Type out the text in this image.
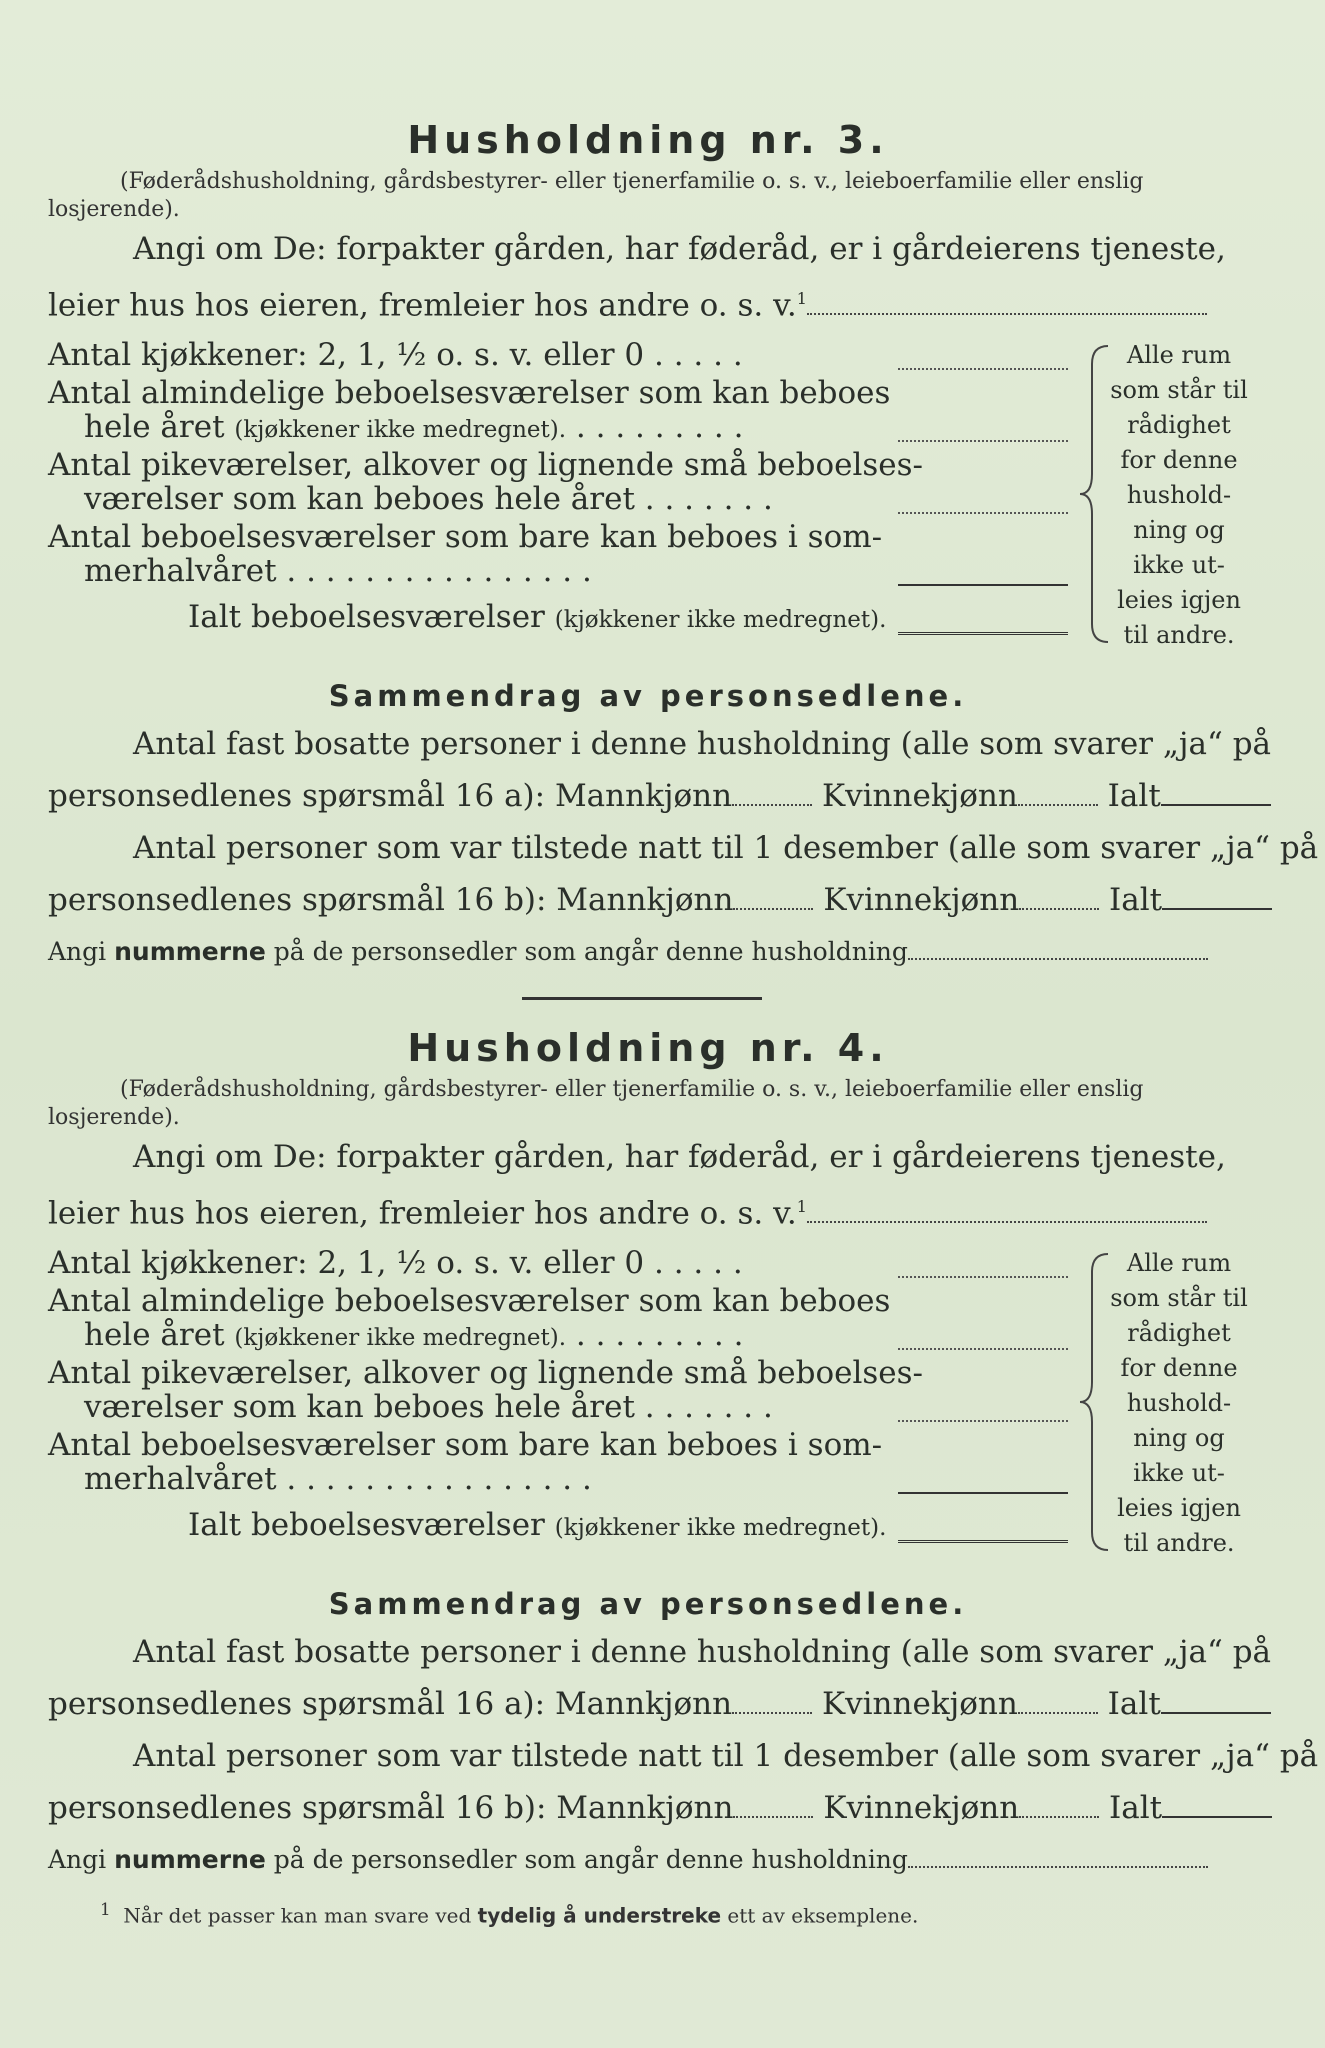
Husholdning nr. 3.

(Føderådshusholdning, gårdsbestyrer- eller tjenerfamilie o. s. v., leieboerfamilie eller enslig losjerende).

Angi om De: forpakter gården, har føderåd, er i gårdeierens tjeneste,

leier hus hos eieren, fremleier hos andre o. s. v.$^1$

Antal kjøkkener: 2, 1, ½ o. s. v. eller 0 . . . . .
Antal almindelige beboelsesværelser som kan beboes
hele året (kjøkkener ikke medregnet). . . . . . . . . .
Antal pikeværelser, alkover og lignende små beboelses-
værelser som kan beboes hele året . . . . . . .
Antal beboelsesværelser som bare kan beboes i som-
merhalvåret . . . . . . . . . . . . . . . .
Ialt beboelsesværelser (kjøkkener ikke medregnet).
Alle rum
som står til
rådighet
for denne
hushold-
ning og
ikke ut-
leies igjen
til andre.
Sammendrag av personsedlene.

Antal fast bosatte personer i denne husholdning (alle som svarer „ja“ på

personsedlenes spørsmål 16 a): Mannkjønn	Kvinnekjønn	Ialt

Antal personer som var tilstede natt til 1 desember (alle som svarer „ja“ på

personsedlenes spørsmål 16 b): Mannkjønn	Kvinnekjønn	Ialt

Angi nummerne på de personsedler som angår denne husholdning

Husholdning nr. 4.

(Føderådshusholdning, gårdsbestyrer- eller tjenerfamilie o. s. v., leieboerfamilie eller enslig losjerende).

Angi om De: forpakter gården, har føderåd, er i gårdeierens tjeneste,

leier hus hos eieren, fremleier hos andre o. s. v.$^1$

Antal kjøkkener: 2, 1, ½ o. s. v. eller 0 . . . . .
Antal almindelige beboelsesværelser som kan beboes
hele året (kjøkkener ikke medregnet). . . . . . . . . .
Antal pikeværelser, alkover og lignende små beboelses-
værelser som kan beboes hele året . . . . . . .
Antal beboelsesværelser som bare kan beboes i som-
merhalvåret . . . . . . . . . . . . . . . .
Ialt beboelsesværelser (kjøkkener ikke medregnet).
Alle rum
som står til
rådighet
for denne
hushold-
ning og
ikke ut-
leies igjen
til andre.
Sammendrag av personsedlene.

Antal fast bosatte personer i denne husholdning (alle som svarer „ja“ på

personsedlenes spørsmål 16 a): Mannkjønn	Kvinnekjønn	Ialt

Antal personer som var tilstede natt til 1 desember (alle som svarer „ja“ på

personsedlenes spørsmål 16 b): Mannkjønn	Kvinnekjønn	Ialt

Angi nummerne på de personsedler som angår denne husholdning

$^1$ Når det passer kan man svare ved tydelig å understreke ett av eksemplene.
